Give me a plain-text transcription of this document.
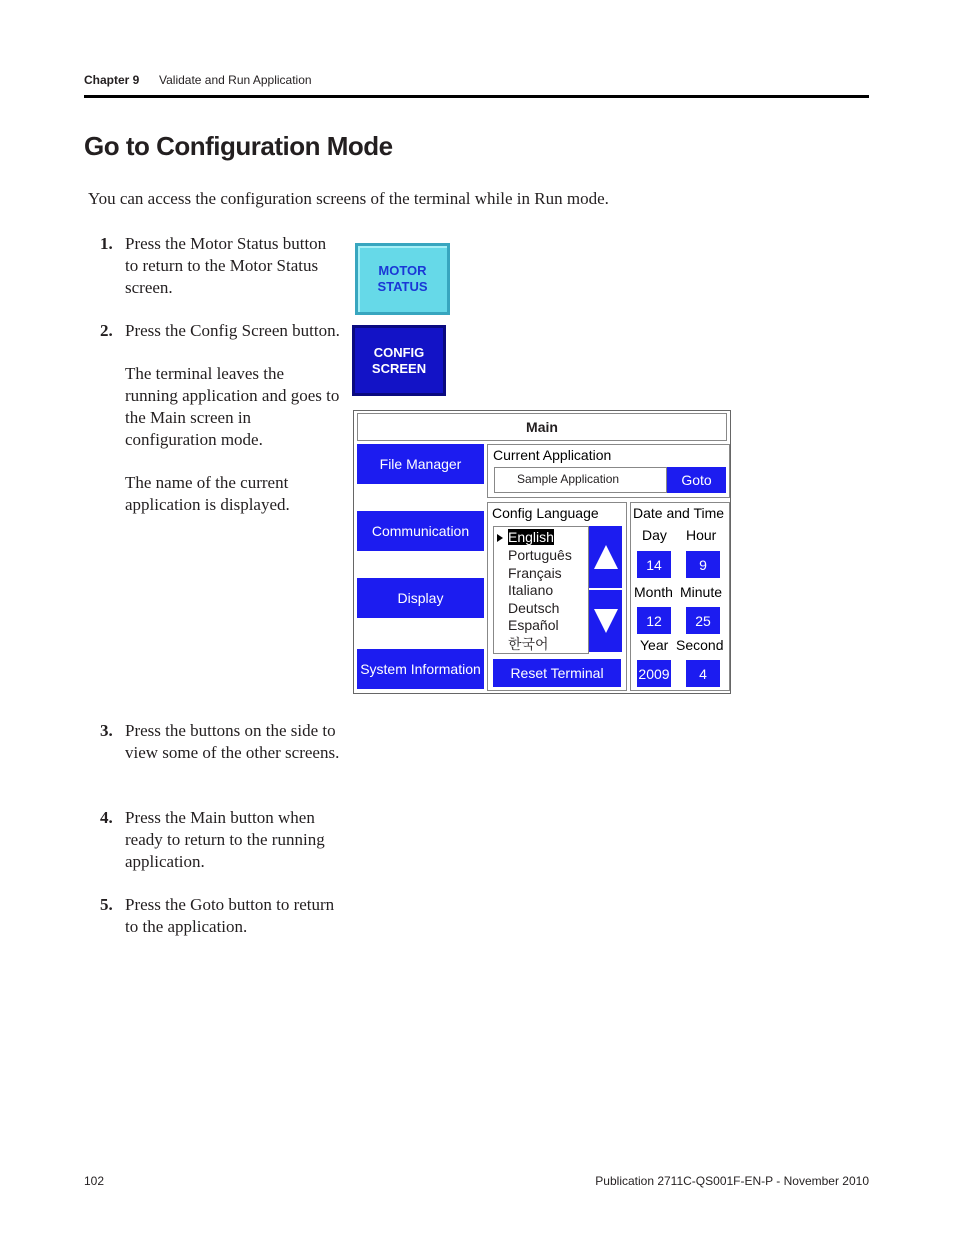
Chapter 9 Validate and Run Application
Go to Configuration Mode
You can access the configuration screens of the terminal while in Run mode.
1. Press the Motor Status button to return to the Motor Status screen.
2. Press the Config Screen button.
The terminal leaves the running application and goes to the Main screen in configuration mode.
The name of the current application is displayed.
3. Press the buttons on the side to view some of the other screens.
4. Press the Main button when ready to return to the running application.
5. Press the Goto button to return to the application.
MOTOR
STATUS
CONFIG
SCREEN
Main
File Manager
Communication
Display
System Information
Current Application
Sample Application	Goto
Config Language
English
Português
Français
Italiano
Deutsch
Español
한국어
Reset Terminal
Date and Time
Day Hour
14	9
Month Minute
12	25
Year Second
2009	4
102	Publication 2711C-QS001F-EN-P - November 2010
